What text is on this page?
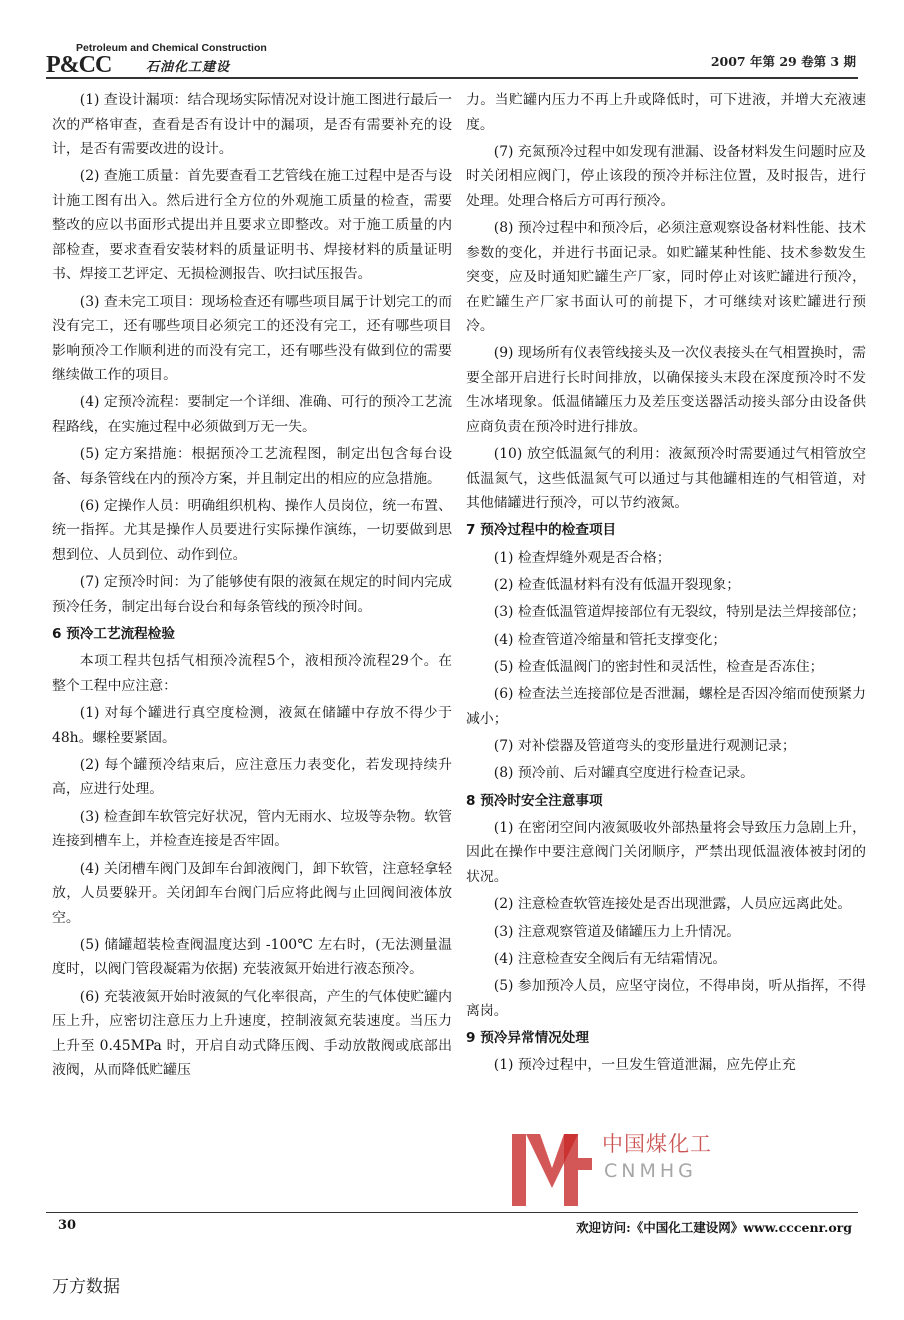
Petroleum and Chemical Construction
P&CC	石油化工建设	2007 年第 29 卷第 3 期

(1) 查设计漏项：结合现场实际情况对设计施工图进行最后一次的严格审查，查看是否有设计中的漏项，是否有需要补充的设计，是否有需要改进的设计。

(2) 查施工质量：首先要查看工艺管线在施工过程中是否与设计施工图有出入。然后进行全方位的外观施工质量的检查，需要整改的应以书面形式提出并且要求立即整改。对于施工质量的内部检查，要求查看安装材料的质量证明书、焊接材料的质量证明书、焊接工艺评定、无损检测报告、吹扫试压报告。

(3) 查未完工项目：现场检查还有哪些项目属于计划完工的而没有完工，还有哪些项目必须完工的还没有完工，还有哪些项目影响预冷工作顺利进的而没有完工，还有哪些没有做到位的需要继续做工作的项目。

(4) 定预冷流程：要制定一个详细、准确、可行的预冷工艺流程路线，在实施过程中必须做到万无一失。

(5) 定方案措施：根据预冷工艺流程图，制定出包含每台设备、每条管线在内的预冷方案，并且制定出的相应的应急措施。

(6) 定操作人员：明确组织机构、操作人员岗位，统一布置、统一指挥。尤其是操作人员要进行实际操作演练，一切要做到思想到位、人员到位、动作到位。

(7) 定预冷时间：为了能够使有限的液氮在规定的时间内完成预冷任务，制定出每台设台和每条管线的预冷时间。

6 预冷工艺流程检验

本项工程共包括气相预冷流程5个，液相预冷流程29个。在整个工程中应注意：

(1) 对每个罐进行真空度检测，液氮在储罐中存放不得少于 48h。螺栓要紧固。

(2) 每个罐预冷结束后，应注意压力表变化，若发现持续升高，应进行处理。

(3) 检查卸车软管完好状况，管内无雨水、垃圾等杂物。软管连接到槽车上，并检查连接是否牢固。

(4) 关闭槽车阀门及卸车台卸液阀门，卸下软管，注意轻拿轻放，人员要躲开。关闭卸车台阀门后应将此阀与止回阀间液体放空。

(5) 储罐超装检查阀温度达到 -100℃ 左右时，(无法测量温度时，以阀门管段凝霜为依据) 充装液氮开始进行液态预冷。

(6) 充装液氮开始时液氮的气化率很高，产生的气体使贮罐内压上升，应密切注意压力上升速度，控制液氮充装速度。当压力上升至 0.45MPa 时，开启自动式降压阀、手动放散阀或底部出液阀，从而降低贮罐压

力。当贮罐内压力不再上升或降低时，可下进液，并增大充液速度。

(7) 充氮预冷过程中如发现有泄漏、设备材料发生问题时应及时关闭相应阀门，停止该段的预冷并标注位置，及时报告，进行处理。处理合格后方可再行预冷。

(8) 预冷过程中和预冷后，必须注意观察设备材料性能、技术参数的变化，并进行书面记录。如贮罐某种性能、技术参数发生突变，应及时通知贮罐生产厂家，同时停止对该贮罐进行预冷，在贮罐生产厂家书面认可的前提下，才可继续对该贮罐进行预冷。

(9) 现场所有仪表管线接头及一次仪表接头在气相置换时，需要全部开启进行长时间排放，以确保接头末段在深度预冷时不发生冰堵现象。低温储罐压力及差压变送器活动接头部分由设备供应商负责在预冷时进行排放。

(10) 放空低温氮气的利用：液氮预冷时需要通过气相管放空低温氮气，这些低温氮气可以通过与其他罐相连的气相管道，对其他储罐进行预冷，可以节约液氮。

7 预冷过程中的检查项目

(1) 检查焊缝外观是否合格；

(2) 检查低温材料有没有低温开裂现象；

(3) 检查低温管道焊接部位有无裂纹，特别是法兰焊接部位；

(4) 检查管道冷缩量和管托支撑变化；

(5) 检查低温阀门的密封性和灵活性，检查是否冻住；

(6) 检查法兰连接部位是否泄漏，螺栓是否因冷缩而使预紧力减小；

(7) 对补偿器及管道弯头的变形量进行观测记录；

(8) 预冷前、后对罐真空度进行检查记录。

8 预冷时安全注意事项

(1) 在密闭空间内液氮吸收外部热量将会导致压力急剧上升，因此在操作中要注意阀门关闭顺序，严禁出现低温液体被封闭的状况。

(2) 注意检查软管连接处是否出现泄露，人员应远离此处。

(3) 注意观察管道及储罐压力上升情况。

(4) 注意检查安全阀后有无结霜情况。

(5) 参加预冷人员，应坚守岗位，不得串岗，听从指挥，不得离岗。

9 预冷异常情况处理

(1) 预冷过程中，一旦发生管道泄漏，应先停止充

中国煤化工
CNMHG
30	欢迎访问:《中国化工建设网》www.cccenr.org
万方数据
